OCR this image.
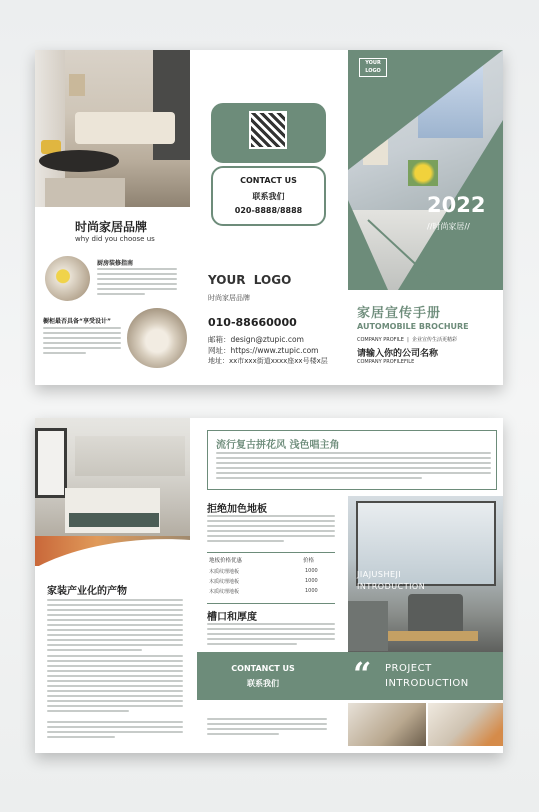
时尚家居品牌
why did you choose us
厨房装修指南
橱柜最否具备“享受设计”
CONTACT US
联系我们
020-8888/8888
YOUR  LOGO
时尚家居品牌
010-88660000
邮箱：design@ztupic.com
网址：https://www.ztupic.com
地址：xx市xxx街道xxxx座xx号楼x层
YOUR
LOGO
2022
//时尚家居//
家居宣传手册
AUTOMOBILE BROCHURE
COMPANY PROFILE  |  企业宣传生活更精彩
请输入你的公司名称
COMPANY PROFILEFILE
家装产业化的产物
流行复古拼花风 浅色唱主角
拒绝加色地板
地板价格优惠	价格
木质纹理地板	1000
木质纹理地板	1000
木质纹理地板	1000
槽口和厚度
CONTANCT US
联系我们
JIAJUSHEJI
INTRODUCTION
“ PROJECT
INTRODUCTION
